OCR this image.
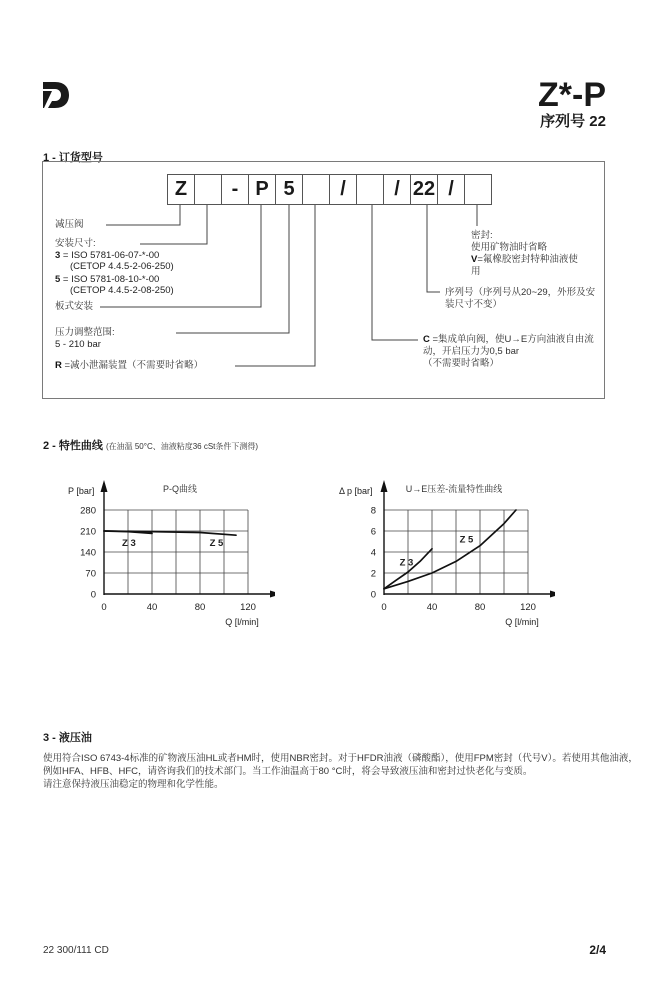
Z*-P
序列号 22
1 - 订货型号
Z	- P 5	/	/ 22 /
减压阀
安装尺寸:
3 = ISO 5781-06-07-*-00
(CETOP 4.4.5-2-06-250)
5 = ISO 5781-08-10-*-00
(CETOP 4.4.5-2-08-250)
板式安装
压力调整范围:
5 - 210 bar
R =减小泄漏装置（不需要时省略）
密封:
使用矿物油时省略
V=氟橡胶密封特种油液使
用
序列号（序列号从20~29，外形及安
装尺寸不变）
C =集成单向阀，使U→E方向油液自由流
动，开启压力为0,5 bar
（不需要时省略）
2 - 特性曲线 (在油温 50°C、油液粘度36 cSt条件下测得)
0
70
140
210
280
0	40	80	120
P [bar]
Q [l/min]
P-Q曲线
Z 3	Z 5
0
2
4
6
8
0	40	80	120
Δ p [bar]
Q [l/min]
U→E压差-流量特性曲线
Z 3
Z 5
3 - 液压油
使用符合ISO 6743-4标准的矿物液压油HL或者HM时，使用NBR密封。对于HFDR油液（磷酸酯），使用FPM密封（代号V）。若使用其他油液，
例如HFA、HFB、HFC，请咨询我们的技术部门。当工作油温高于80 °C时，将会导致液压油和密封过快老化与变质。
请注意保持液压油稳定的物理和化学性能。
22 300/111 CD	2/4
